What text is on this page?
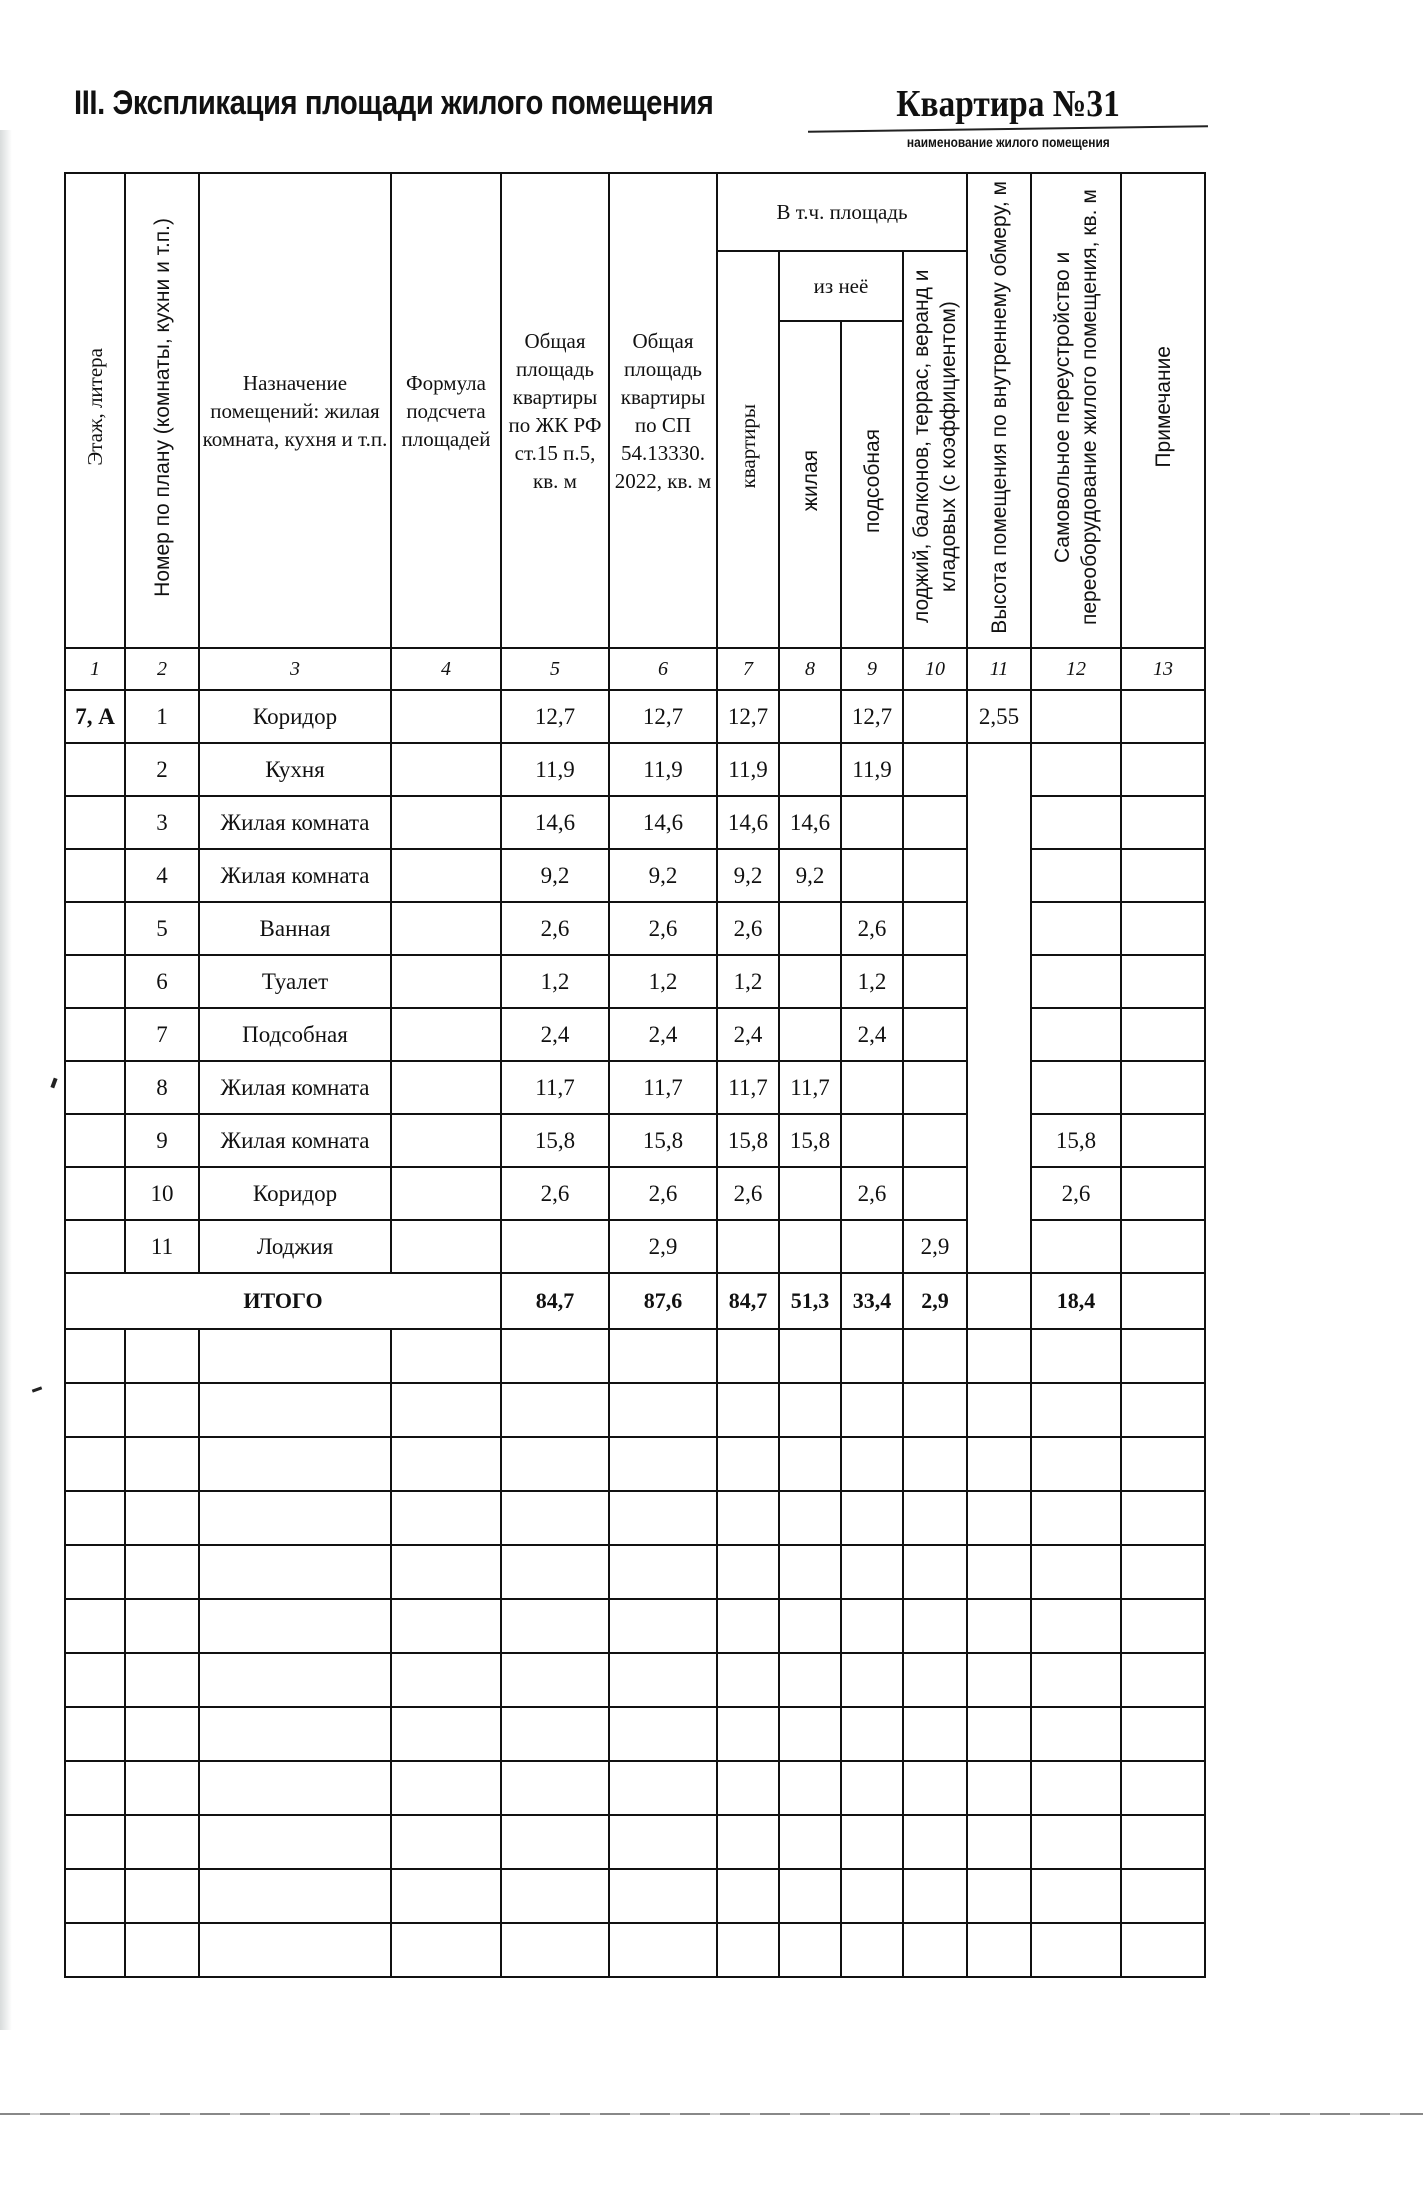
III. Экспликация площади жилого помещения	Квартира №31
наименование жилого помещения
Этаж, литера	Номер по плану (комнаты, кухни и т.п.)	Назначение помещений: жилая комната, кухня и т.п.	Формула подсчета площадей	Общая площадь квартиры по ЖК РФ ст.15 п.5, кв. м	Общая площадь квартиры по СП 54.13330. 2022, кв. м	В т.ч. площадь				Высота помещения по внутреннему обмеру, м	Самовольное переустройство и переоборудование жилого помещения, кв. м	Примечание
						квартиры	из неё		лоджий, балконов, террас, веранд и кладовых (с коэффициентом)			
							жилая	подсобная				
1	2	3	4	5	6	7	8	9	10	11	12	13
7, А	1	Коридор		12,7	12,7	12,7		12,7		2,55		
	2	Кухня		11,9	11,9	11,9		11,9				
	3	Жилая комната		14,6	14,6	14,6	14,6					
	4	Жилая комната		9,2	9,2	9,2	9,2					
	5	Ванная		2,6	2,6	2,6		2,6				
	6	Туалет		1,2	1,2	1,2		1,2				
	7	Подсобная		2,4	2,4	2,4		2,4				
	8	Жилая комната		11,7	11,7	11,7	11,7					
	9	Жилая комната		15,8	15,8	15,8	15,8				15,8	
	10	Коридор		2,6	2,6	2,6		2,6			2,6	
	11	Лоджия			2,9				2,9			
ИТОГО				84,7	87,6	84,7	51,3	33,4	2,9		18,4	
